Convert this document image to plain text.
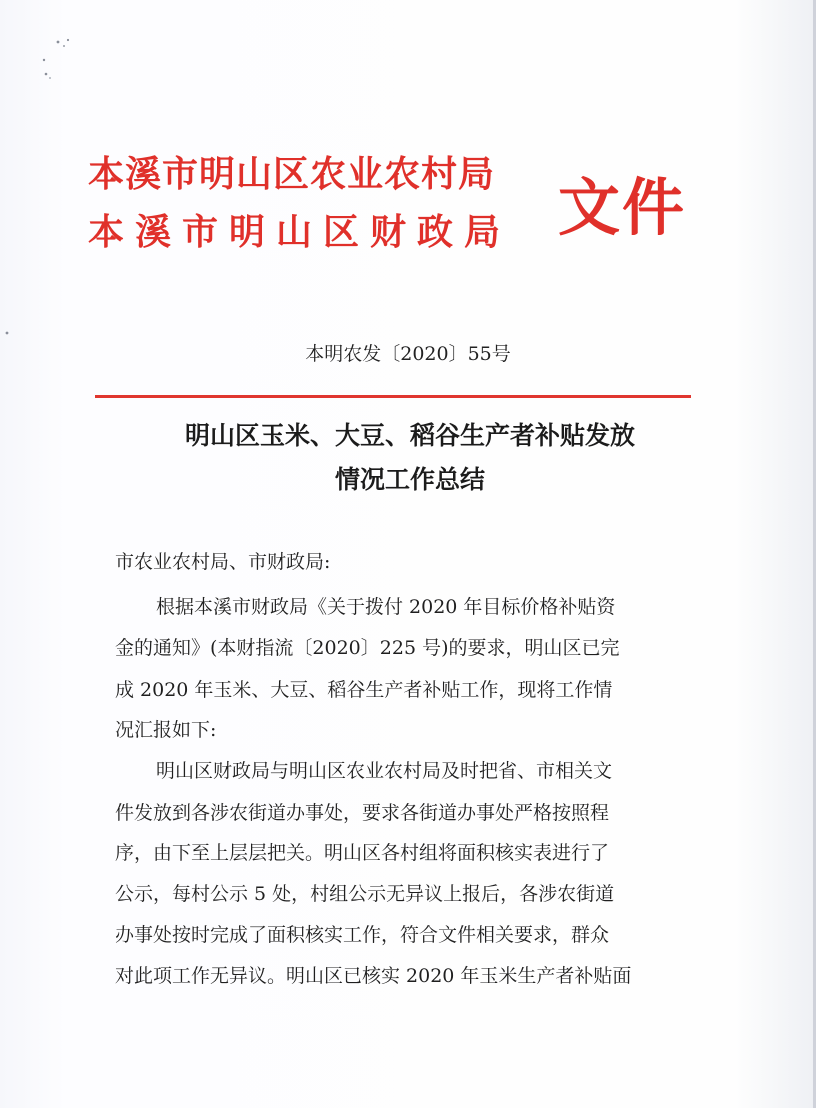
本溪市明山区农业农村局
本溪市明山区财政局 文件
本明农发〔2020〕55号
明山区玉米、大豆、稻谷生产者补贴发放
情况工作总结
市农业农村局、市财政局:
根据本溪市财政局《关于拨付 2020 年目标价格补贴资
金的通知》(本财指流〔2020〕225 号)的要求，明山区已完
成 2020 年玉米、大豆、稻谷生产者补贴工作，现将工作情
况汇报如下:
明山区财政局与明山区农业农村局及时把省、市相关文
件发放到各涉农街道办事处，要求各街道办事处严格按照程
序，由下至上层层把关。明山区各村组将面积核实表进行了
公示，每村公示 5 处，村组公示无异议上报后，各涉农街道
办事处按时完成了面积核实工作，符合文件相关要求，群众
对此项工作无异议。明山区已核实 2020 年玉米生产者补贴面
